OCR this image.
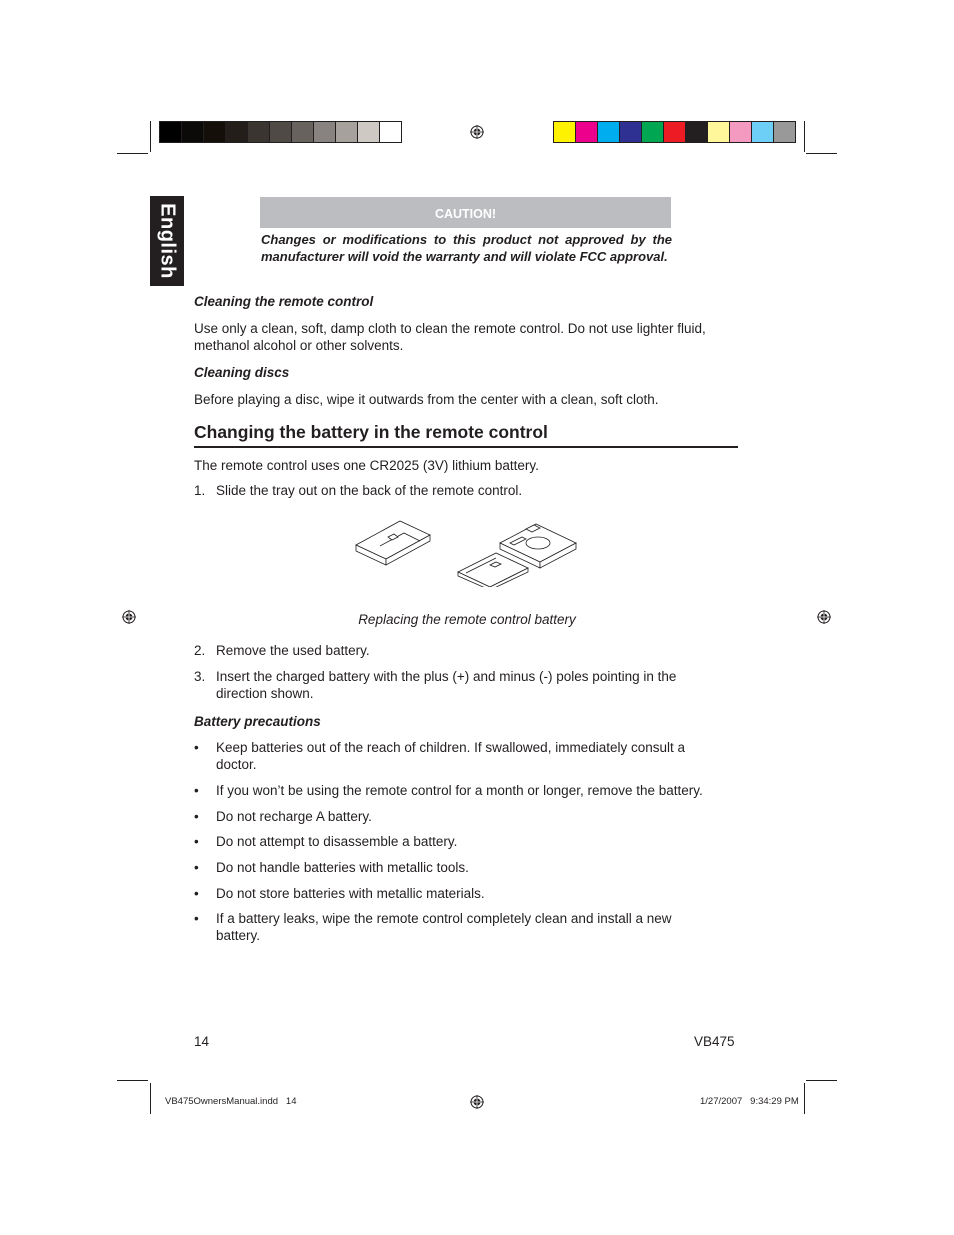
English	CAUTION!
Changes or modifications to this product not approved by the manufacturer will void the warranty and will violate FCC approval.
Cleaning the remote control
Use only a clean, soft, damp cloth to clean the remote control. Do not use lighter fluid, methanol alcohol or other solvents.
Cleaning discs
Before playing a disc, wipe it outwards from the center with a clean, soft cloth.
Changing the battery in the remote control
The remote control uses one CR2025 (3V) lithium battery.
1. Slide the tray out on the back of the remote control.
Replacing the remote control battery
2. Remove the used battery.
3. Insert the charged battery with the plus (+) and minus (-) poles pointing in the direction shown.
Battery precautions
• Keep batteries out of the reach of children. If swallowed, immediately consult a doctor.
• If you won’t be using the remote control for a month or longer, remove the battery.
• Do not recharge A battery.
• Do not attempt to disassemble a battery.
• Do not handle batteries with metallic tools.
• Do not store batteries with metallic materials.
• If a battery leaks, wipe the remote control completely clean and install a new battery.
14	VB475
VB475OwnersManual.indd   14	1/27/2007   9:34:29 PM
